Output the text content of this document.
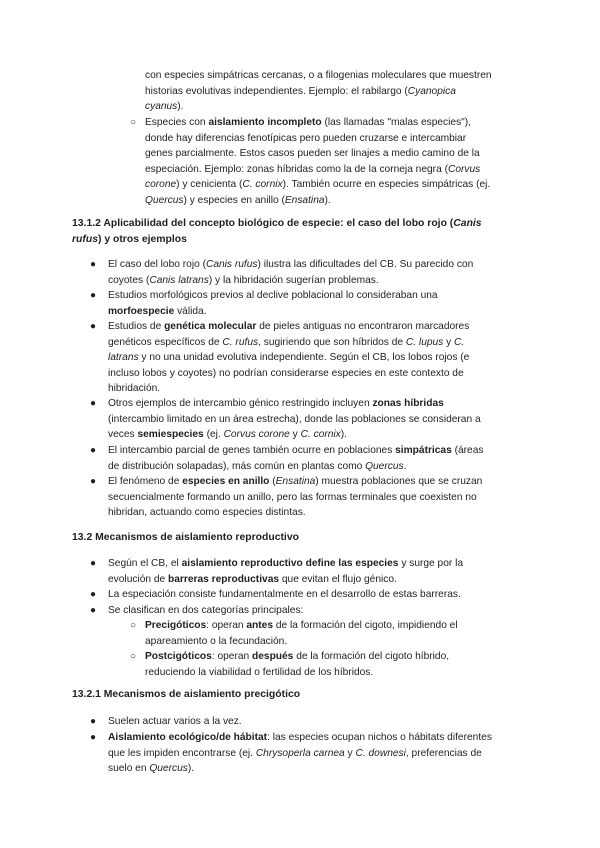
con especies simpátricas cercanas, o a filogenias moleculares que muestren

historias evolutivas independientes. Ejemplo: el rabilargo (Cyanopica

cyanus).

○ Especies con aislamiento incompleto (las llamadas "malas especies"),

donde hay diferencias fenotípicas pero pueden cruzarse e intercambiar

genes parcialmente. Estos casos pueden ser linajes a medio camino de la

especiación. Ejemplo: zonas híbridas como la de la corneja negra (Corvus

corone) y cenicienta (C. cornix). También ocurre en especies simpátricas (ej.

Quercus) y especies en anillo (Ensatina).

13.1.2 Aplicabilidad del concepto biológico de especie: el caso del lobo rojo (Canis

rufus) y otros ejemplos

● El caso del lobo rojo (Canis rufus) ilustra las dificultades del CB. Su parecido con

coyotes (Canis latrans) y la hibridación sugerían problemas.

● Estudios morfológicos previos al declive poblacional lo consideraban una

morfoespecie válida.

● Estudios de genética molecular de pieles antiguas no encontraron marcadores

genéticos específicos de C. rufus, sugiriendo que son híbridos de C. lupus y C.

latrans y no una unidad evolutiva independiente. Según el CB, los lobos rojos (e

incluso lobos y coyotes) no podrían considerarse especies en este contexto de

hibridación.

● Otros ejemplos de intercambio génico restringido incluyen zonas híbridas

(intercambio limitado en un área estrecha), donde las poblaciones se consideran a

veces semiespecies (ej. Corvus corone y C. cornix).

● El intercambio parcial de genes también ocurre en poblaciones simpátricas (áreas

de distribución solapadas), más común en plantas como Quercus.

● El fenómeno de especies en anillo (Ensatina) muestra poblaciones que se cruzan

secuencialmente formando un anillo, pero las formas terminales que coexisten no

hibridan, actuando como especies distintas.

13.2 Mecanismos de aislamiento reproductivo
● Según el CB, el aislamiento reproductivo define las especies y surge por la

evolución de barreras reproductivas que evitan el flujo génico.

● La especiación consiste fundamentalmente en el desarrollo de estas barreras.

● Se clasifican en dos categorías principales:

○ Precigóticos: operan antes de la formación del cigoto, impidiendo el

apareamiento o la fecundación.

○ Postcigóticos: operan después de la formación del cigoto híbrido,

reduciendo la viabilidad o fertilidad de los híbridos.

13.2.1 Mecanismos de aislamiento precigótico
● Suelen actuar varios a la vez.

● Aislamiento ecológico/de hábitat: las especies ocupan nichos o hábitats diferentes

que les impiden encontrarse (ej. Chrysoperla carnea y C. downesi, preferencias de

suelo en Quercus).
